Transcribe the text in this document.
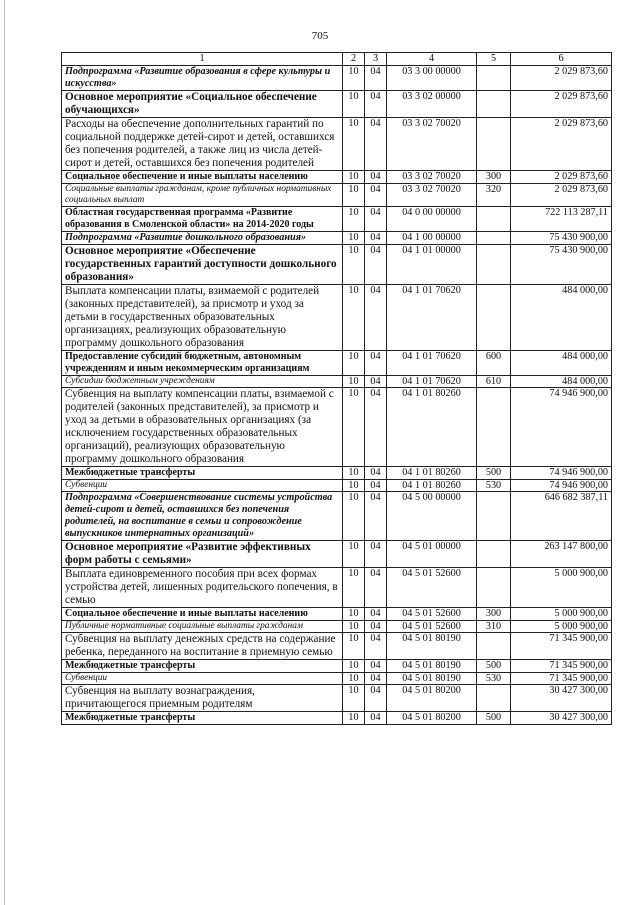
705
1	2	3	4	5	6
Подпрограмма «Развитие образования в сфере культуры и искусства»	10	04	03 3 00 00000		2 029 873,60
Основное мероприятие «Социальное обеспечение обучающихся»	10	04	03 3 02 00000		2 029 873,60
Расходы на обеспечение дополнительных гарантий по социальной поддержке детей-сирот и детей, оставшихся без попечения родителей, а также лиц из числа детей-сирот и детей, оставшихся без попечения родителей	10	04	03 3 02 70020		2 029 873,60
Социальное обеспечение и иные выплаты населению	10	04	03 3 02 70020	300	2 029 873,60
Социальные выплаты гражданам, кроме публичных нормативных социальных выплат	10	04	03 3 02 70020	320	2 029 873,60
Областная государственная программа «Развитие образования в Смоленской области» на 2014-2020 годы	10	04	04 0 00 00000		722 113 287,11
Подпрограмма «Развитие дошкольного образования»	10	04	04 1 00 00000		75 430 900,00
Основное мероприятие «Обеспечение государственных гарантий доступности дошкольного образования»	10	04	04 1 01 00000		75 430 900,00
Выплата компенсации платы, взимаемой с родителей (законных представителей), за присмотр и уход за детьми в государственных образовательных организациях, реализующих образовательную программу дошкольного образования	10	04	04 1 01 70620		484 000,00
Предоставление субсидий бюджетным, автономным учреждениям и иным некоммерческим организациям	10	04	04 1 01 70620	600	484 000,00
Субсидии бюджетным учреждениям	10	04	04 1 01 70620	610	484 000,00
Субвенция на выплату компенсации платы, взимаемой с родителей (законных представителей), за присмотр и уход за детьми в образовательных организациях (за исключением государственных образовательных организаций), реализующих образовательную программу дошкольного образования	10	04	04 1 01 80260		74 946 900,00
Межбюджетные трансферты	10	04	04 1 01 80260	500	74 946 900,00
Субвенции	10	04	04 1 01 80260	530	74 946 900,00
Подпрограмма «Совершенствование системы устройства детей-сирот и детей, оставшихся без попечения родителей, на воспитание в семьи и сопровождение выпускников интернатных организаций»	10	04	04 5 00 00000		646 682 387,11
Основное мероприятие «Развитие эффективных форм работы с семьями»	10	04	04 5 01 00000		263 147 800,00
Выплата единовременного пособия при всех формах устройства детей, лишенных родительского попечения, в семью	10	04	04 5 01 52600		5 000 900,00
Социальное обеспечение и иные выплаты населению	10	04	04 5 01 52600	300	5 000 900,00
Публичные нормативные социальные выплаты гражданам	10	04	04 5 01 52600	310	5 000 900,00
Субвенция на выплату денежных средств на содержание ребенка, переданного на воспитание в приемную семью	10	04	04 5 01 80190		71 345 900,00
Межбюджетные трансферты	10	04	04 5 01 80190	500	71 345 900,00
Субвенции	10	04	04 5 01 80190	530	71 345 900,00
Субвенция на выплату вознаграждения, причитающегося приемным родителям	10	04	04 5 01 80200		30 427 300,00
Межбюджетные трансферты	10	04	04 5 01 80200	500	30 427 300,00
